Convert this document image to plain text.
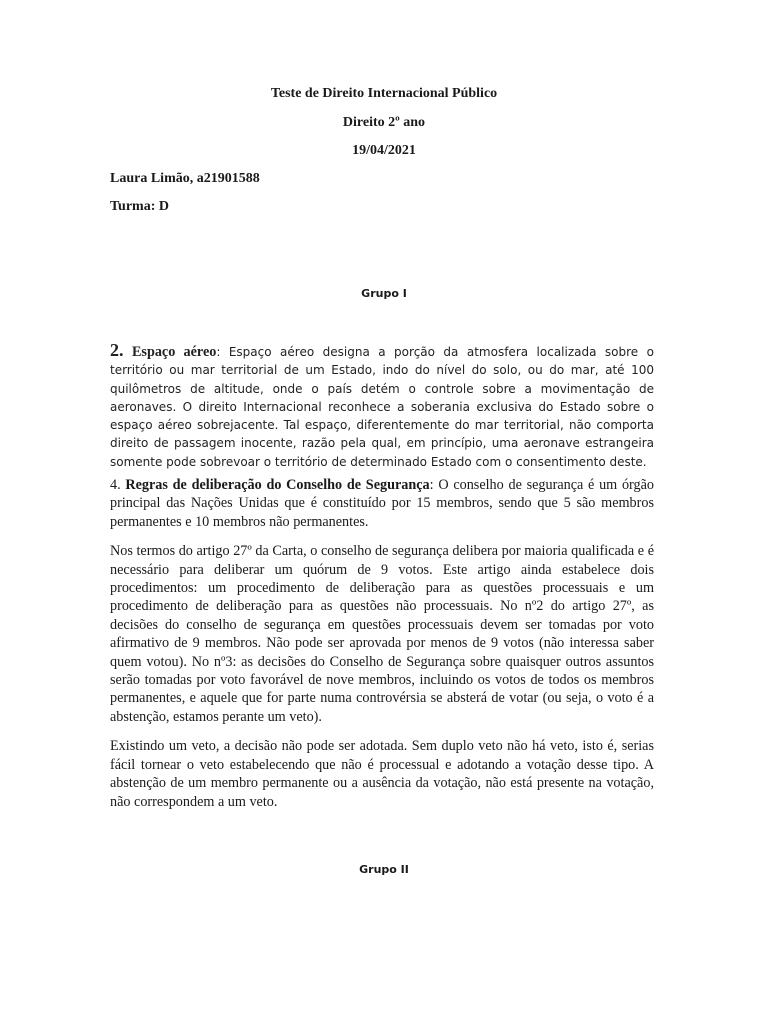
Teste de Direito Internacional Público
Direito 2º ano
19/04/2021
Laura Limão, a21901588
Turma: D
Grupo I

2. Espaço aéreo: Espaço aéreo designa a porção da atmosfera localizada sobre o território ou mar territorial de um Estado, indo do nível do solo, ou do mar, até 100 quilômetros de altitude, onde o país detém o controle sobre a movimentação de aeronaves. O direito Internacional reconhece a soberania exclusiva do Estado sobre o espaço aéreo sobrejacente. Tal espaço, diferentemente do mar territorial, não comporta direito de passagem inocente, razão pela qual, em princípio, uma aeronave estrangeira somente pode sobrevoar o território de determinado Estado com o consentimento deste.

4. Regras de deliberação do Conselho de Segurança: O conselho de segurança é um órgão principal das Nações Unidas que é constituído por 15 membros, sendo que 5 são membros permanentes e 10 membros não permanentes.

Nos termos do artigo 27º da Carta, o conselho de segurança delibera por maioria qualificada e é necessário para deliberar um quórum de 9 votos. Este artigo ainda estabelece dois procedimentos: um procedimento de deliberação para as questões processuais e um procedimento de deliberação para as questões não processuais. No nº2 do artigo 27º, as decisões do conselho de segurança em questões processuais devem ser tomadas por voto afirmativo de 9 membros. Não pode ser aprovada por menos de 9 votos (não interessa saber quem votou). No nº3: as decisões do Conselho de Segurança sobre quaisquer outros assuntos serão tomadas por voto favorável de nove membros, incluindo os votos de todos os membros permanentes, e aquele que for parte numa controvérsia se absterá de votar (ou seja, o voto é a abstenção, estamos perante um veto).

Existindo um veto, a decisão não pode ser adotada. Sem duplo veto não há veto, isto é, serias fácil tornear o veto estabelecendo que não é processual e adotando a votação desse tipo. A abstenção de um membro permanente ou a ausência da votação, não está presente na votação, não correspondem a um veto.

Grupo II
